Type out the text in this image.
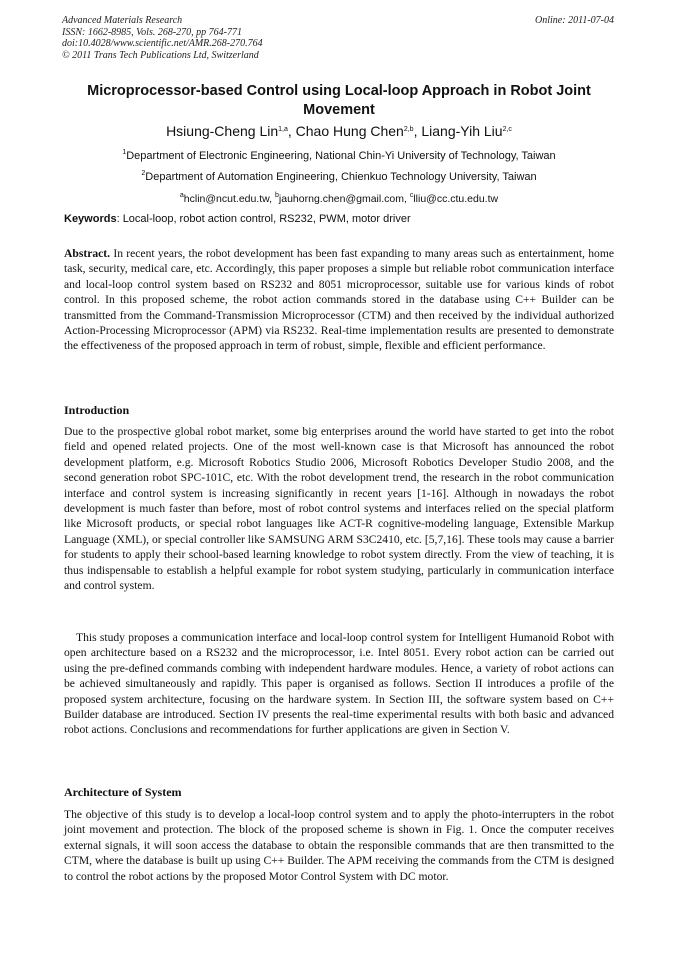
Advanced Materials Research
ISSN: 1662-8985, Vols. 268-270, pp 764-771
doi:10.4028/www.scientific.net/AMR.268-270.764
© 2011 Trans Tech Publications Ltd, Switzerland
Online: 2011-07-04
Microprocessor-based Control using Local-loop Approach in Robot Joint Movement
Hsiung-Cheng Lin$^{1,a}$, Chao Hung Chen$^{2,b}$, Liang-Yih Liu$^{2,c}$
$^1$Department of Electronic Engineering, National Chin-Yi University of Technology, Taiwan
$^2$Department of Automation Engineering, Chienkuo Technology University, Taiwan
$^a$hclin@ncut.edu.tw, $^b$jauhorng.chen@gmail.com, $^c$lliu@cc.ctu.edu.tw
Keywords: Local-loop, robot action control, RS232, PWM, motor driver
Abstract. In recent years, the robot development has been fast expanding to many areas such as entertainment, home task, security, medical care, etc. Accordingly, this paper proposes a simple but reliable robot communication interface and local-loop control system based on RS232 and 8051 microprocessor, suitable use for various kinds of robot control. In this proposed scheme, the robot action commands stored in the database using C++ Builder can be transmitted from the Command-Transmission Microprocessor (CTM) and then received by the individual authorized Action-Processing Microprocessor (APM) via RS232. Real-time implementation results are presented to demonstrate the effectiveness of the proposed approach in term of robust, simple, flexible and efficient performance.
Introduction
Due to the prospective global robot market, some big enterprises around the world have started to get into the robot field and opened related projects. One of the most well-known case is that Microsoft has announced the robot development platform, e.g. Microsoft Robotics Studio 2006, Microsoft Robotics Developer Studio 2008, and the second generation robot SPC-101C, etc. With the robot development trend, the research in the robot communication interface and control system is increasing significantly in recent years [1-16]. Although in nowadays the robot development is much faster than before, most of robot control systems and interfaces relied on the special platform like Microsoft products, or special robot languages like ACT-R cognitive-modeling language, Extensible Markup Language (XML), or special controller like SAMSUNG ARM S3C2410, etc. [5,7,16]. These tools may cause a barrier for students to apply their school-based learning knowledge to robot system directly. From the view of teaching, it is thus indispensable to establish a helpful example for robot system studying, particularly in communication interface and control system.
This study proposes a communication interface and local-loop control system for Intelligent Humanoid Robot with open architecture based on a RS232 and the microprocessor, i.e. Intel 8051. Every robot action can be carried out using the pre-defined commands combing with independent hardware modules. Hence, a variety of robot actions can be achieved simultaneously and rapidly. This paper is organised as follows. Section II introduces a profile of the proposed system architecture, focusing on the hardware system. In Section III, the software system based on C++ Builder database are introduced. Section IV presents the real-time experimental results with both basic and advanced robot actions. Conclusions and recommendations for further applications are given in Section V.
Architecture of System
The objective of this study is to develop a local-loop control system and to apply the photo-interrupters in the robot joint movement and protection. The block of the proposed scheme is shown in Fig. 1. Once the computer receives external signals, it will soon access the database to obtain the responsible commands that are then transmitted to the CTM, where the database is built up using C++ Builder. The APM receiving the commands from the CTM is designed to control the robot actions by the proposed Motor Control System with DC motor.
